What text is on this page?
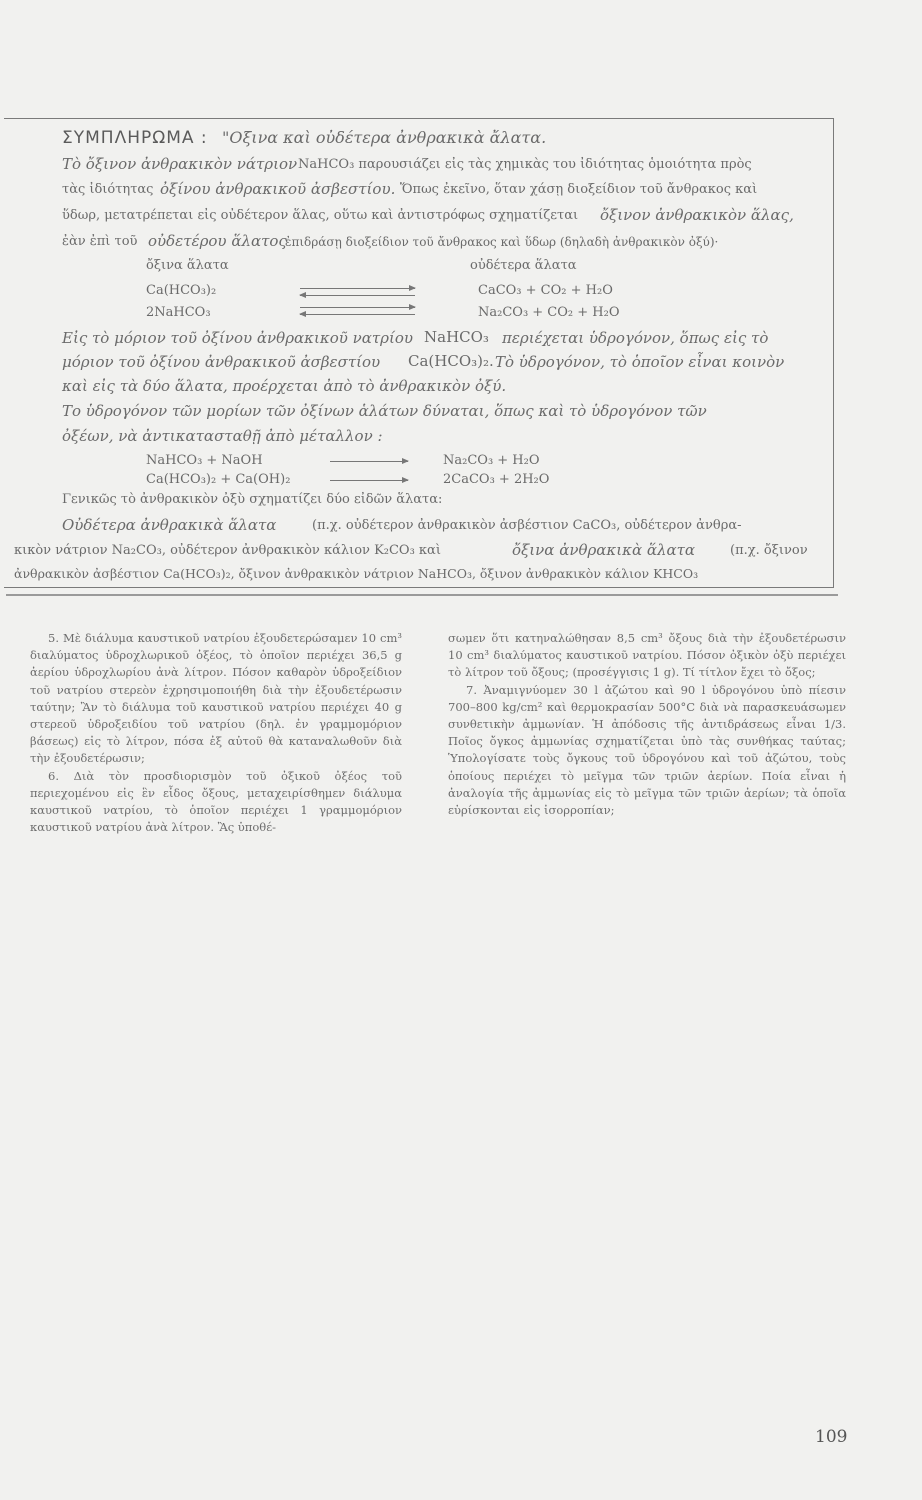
ΣΥΜΠΛΗΡΩΜΑ : "Οξινα καὶ οὐδέτερα ἀνθρακικὰ ἄλατα.
Τὸ ὄξινον ἀνθρακικὸν νάτριον NaHCO₃ παρουσιάζει εἰς τὰς χημικὰς του ἰδιότητας ὁμοιότητα πρὸς
τὰς ἰδιότητας ὀξίνου ἀνθρακικοῦ ἀσβεστίου. Ὅπως ἐκεῖνο, ὅταν χάσῃ διοξείδιον τοῦ ἄνθρακος καὶ
ὕδωρ, μετατρέπεται εἰς οὐδέτερον ἅλας, οὕτω καὶ ἀντιστρόφως σχηματίζεται ὄξινον ἀνθρακικὸν ἅλας,
ἐὰν ἐπὶ τοῦ οὐδετέρου ἅλατος
ἐπιδράσῃ διοξείδιον τοῦ ἄνθρακος καὶ ὕδωρ (δηλαδὴ ἀνθρακικὸν ὀξύ)·
ὄξινα ἅλατα	οὐδέτερα ἅλατα
Ca(HCO₃)₂	CaCO₃ + CO₂ + H₂O
2NaHCO₃	Na₂CO₃ + CO₂ + H₂O
Εἰς τὸ μόριον τοῦ ὀξίνου ἀνθρακικοῦ νατρίου NaHCO₃ περιέχεται ὑδρογόνον, ὅπως εἰς τὸ
μόριον τοῦ ὀξίνου ἀνθρακικοῦ ἀσβεστίου Ca(HCO₃)₂. Τὸ ὑδρογόνον, τὸ ὁποῖον εἶναι κοινὸν
καὶ εἰς τὰ δύο ἅλατα, προέρχεται ἀπὸ τὸ ἀνθρακικὸν ὀξύ.
Το ὑδρογόνον τῶν μορίων τῶν ὀξίνων ἁλάτων δύναται, ὅπως καὶ τὸ ὑδρογόνον τῶν
ὀξέων, νὰ ἀντικατασταθῇ ἀπὸ μέταλλον :
NaHCO₃ + NaOH	Na₂CO₃ + H₂O
Ca(HCO₃)₂ + Ca(OH)₂	2CaCO₃ + 2H₂O
Γενικῶς τὸ ἀνθρακικὸν ὀξὺ σχηματίζει δύο εἰδῶν ἅλατα:
Οὐδέτερα ἀνθρακικὰ ἅλατα	(π.χ. οὐδέτερον ἀνθρακικὸν ἀσβέστιον CaCO₃, οὐδέτερον ἀνθρα-
κικὸν νάτριον Na₂CO₃, οὐδέτερον ἀνθρακικὸν κάλιον K₂CO₃ καὶ	ὄξινα ἀνθρακικὰ ἅλατα	(π.χ. ὄξινον
ἀνθρακικὸν ἀσβέστιον Ca(HCO₃)₂, ὄξινον ἀνθρακικὸν νάτριον NaHCO₃, ὄξινον ἀνθρακικὸν κάλιον KHCO₃

5. Μὲ διάλυμα καυστικοῦ νατρίου ἐξουδετερώσαμεν 10 cm³ διαλύματος ὑδροχλωρικοῦ ὀξέος, τὸ ὁποῖον περιέχει 36,5 g ἀερίου ὑδροχλωρίου ἀνὰ λίτρον. Πόσον καθαρὸν ὑδροξείδιον τοῦ νατρίου στερεὸν ἐχρησιμοποιήθη διὰ τὴν ἐξουδετέρωσιν ταύτην; Ἂν τὸ διάλυμα τοῦ καυστικοῦ νατρίου περιέχει 40 g στερεοῦ ὑδροξειδίου τοῦ νατρίου (δηλ. ἐν γραμμομόριον βάσεως) εἰς τὸ λίτρον, πόσα ἐξ αὐτοῦ θὰ καταναλωθοῦν διὰ τὴν ἐξουδετέρωσιν;

6. Διὰ τὸν προσδιορισμὸν τοῦ ὀξικοῦ ὀξέος τοῦ περιεχομένου εἰς ἓν εἶδος ὄξους, μεταχειρίσθημεν διάλυμα καυστικοῦ νατρίου, τὸ ὁποῖον περιέχει 1 γραμμομόριον καυστικοῦ νατρίου ἀνὰ λίτρον. Ἂς ὑποθέ-

σωμεν ὅτι κατηναλώθησαν 8,5 cm³ ὄξους διὰ τὴν ἐξουδετέρωσιν 10 cm³ διαλύματος καυστικοῦ νατρίου. Πόσον ὀξικὸν ὀξὺ περιέχει τὸ λίτρον τοῦ ὄξους; (προσέγγισις 1 g). Τί τίτλον ἔχει τὸ ὄξος;

7. Ἀναμιγνύομεν 30 l ἀζώτου καὶ 90 l ὑδρογόνου ὑπὸ πίεσιν 700–800 kg/cm² καὶ θερμοκρασίαν 500°C διὰ νὰ παρασκευάσωμεν συνθετικὴν ἀμμωνίαν. Ἡ ἀπόδοσις τῆς ἀντιδράσεως εἶναι 1/3. Ποῖος ὄγκος ἀμμωνίας σχηματίζεται ὑπὸ τὰς συνθήκας ταύτας; Ὑπολογίσατε τοὺς ὄγκους τοῦ ὑδρογόνου καὶ τοῦ ἀζώτου, τοὺς ὁποίους περιέχει τὸ μεῖγμα τῶν τριῶν ἀερίων. Ποία εἶναι ἡ ἀναλογία τῆς ἀμμωνίας εἰς τὸ μεῖγμα τῶν τριῶν ἀερίων; τὰ ὁποῖα εὑρίσκονται εἰς ἰσορροπίαν;

109
